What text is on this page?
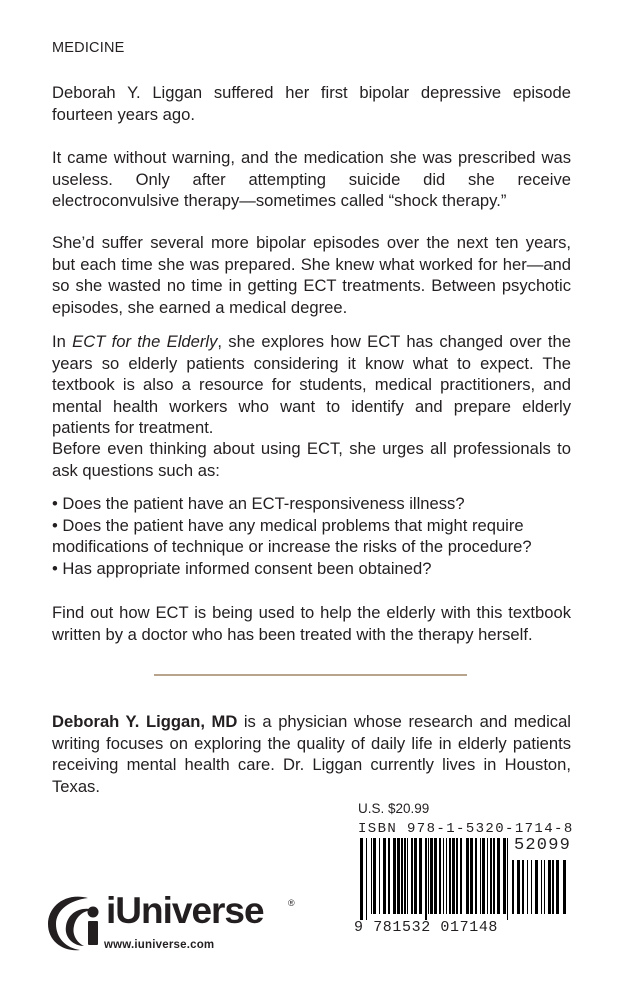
MEDICINE

Deborah Y. Liggan suffered her first bipolar depressive episode fourteen years ago.

It came without warning, and the medication she was prescribed was useless. Only after attempting suicide did she receive electroconvulsive therapy—sometimes called “shock therapy.”

She’d suffer several more bipolar episodes over the next ten years, but each time she was prepared. She knew what worked for her—and so she wasted no time in getting ECT treatments. Between psychotic episodes, she earned a medical degree.

In ECT for the Elderly, she explores how ECT has changed over the years so elderly patients considering it know what to expect. The textbook is also a resource for students, medical practitioners, and mental health workers who want to identify and prepare elderly patients for treatment.

Before even thinking about using ECT, she urges all professionals to ask questions such as:

• Does the patient have an ECT-responsiveness illness?
• Does the patient have any medical problems that might require modifications of technique or increase the risks of the procedure?
• Has appropriate informed consent been obtained?

Find out how ECT is being used to help the elderly with this textbook written by a doctor who has been treated with the therapy herself.

Deborah Y. Liggan, MD is a physician whose research and medical writing focuses on exploring the quality of daily life in elderly patients receiving mental health care. Dr. Liggan currently lives in Houston, Texas.

U.S. $20.99
ISBN 978-1-5320-1714-8
52099
9 781532 017148
iUniverse	®
www.iuniverse.com
